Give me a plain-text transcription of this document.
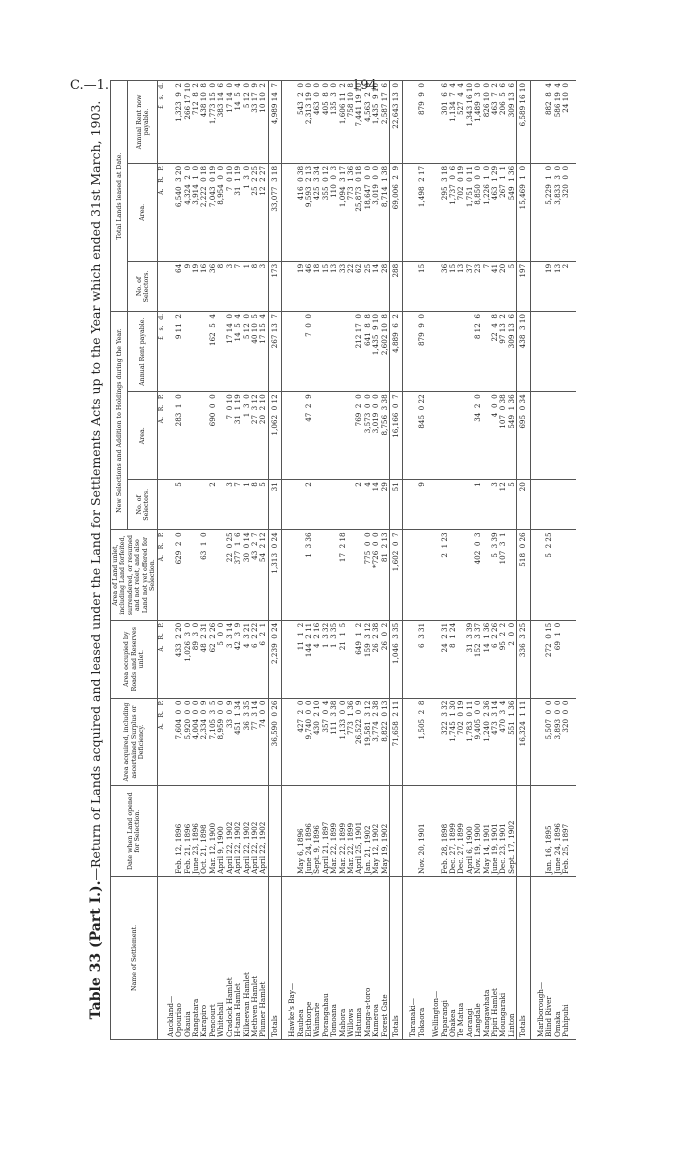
C.—1.	194
Table 33 (Part I.).—Return of Lands acquired and leased under the Land for Settlements Acts up to the Year which ended 31st March, 1903.
Name of Settlement.	Date when Land opened for Selection.	Area acquired, including ascertained Surplus or Deficiency.	Area occupied by Roads and Reserves unlet.	Area of Land unlet, including Land forfeited, surrendered, or resumed and not relet, and also Land not yet offered for Selection.	New Selections and Addition to Holdings during the Year.			Total Lands leased at Date.		
					No. of Selectors.	Area.	Annual Rent payable.	No. of Selectors.	Area.	Annual Rent now payable.
		A.   R.   P.	A.   R.   P.	A.   R.   P.		A.   R.   P.	£   s.   d.		A.   R.   P.	£   s.   d.
Auckland—										
Opouriao	Feb. 12, 1896	7,604  0  0	433  2 20	629  2  0	5	283  1  0	9 11  2	64	6,540  3 20	1,323  9  2
Okauia	Feb. 21, 1896	5,920  0  0	1,026  3  0					9	4,324  2  0	266 17 10
Rangatara	June 23, 1896	4,004  0  0	89  3  0					19	3,914  1  0	712  8  2
Karapiro	Oct. 21, 1898	2,334  0  9	48  2 31	63  1  0				16	2,222  0 18	438 10  8
Pencourt	Mar. 12, 1900	7,105  3  5	62  2 26		2	690  0  0	162  5  4	36	7,043  0 19	1,773 15  0
Whitehall	April 9, 1900	8,959  0  0	5  0  0					8	8,954  0  0	383 14  6
Cradock Hamlet	April 22, 1902	33  0  9	3  3 14	22  0 25	3	7  0 10	17 14  0	3	7  0 10	17 14  0
H-tana Hamlet	April 22, 1902	451  1 34	42  3  9	377  1  6	7	31  1 19	14  5  4	7	31  1 19	14  5  4
Kilkeevan Hamlet	April 22, 1902	36  3 35	4  3 21	30  0 14	1	1  3  0	5 12  0	1	1  3  0	5 12  0
Methven Hamlet	April 22, 1902	77  3 14	6  2 22	43  2  7	8	27  3 12	40 10  5	8	25  2 25	33 17  9
Plumer Hamlet	April 22, 1902	74  0  0	6  2  1	54  2 12	5	20  2 10	17 15  4	3	12  2 27	10 10  2
Totals		36,590  0 26	2,239  0 24	1,313  0 24	31	1,062  0 12	267 13  7	173	33,077  3 18	4,989 14  7

Hawke's Bay—										
Rauhea	May 6, 1896	427  2  0	11  1  2					19	416  0 38	543  2  0
Elsthorpe	June 24, 1896	9,740  0  0	144  2 11	1  3 36	2	47  2  9	7  0  0	46	9,593  2 13	2,313 19  0
Waimarie	Sept. 9, 1896	430  2 10	4  2 16					18	425  3 34	463  0  0
Porangahau	April 21, 1897	357  0  4	1  3 32					15	355  0 12	405  8  0
Tomoana	Mar. 22, 1899	111  3 38	1  3 35					13	110  0  3	135  3  0
Mahora	Mar. 22, 1899	1,133  0  0	21  1  5	17  2 18				33	1,094  3 17	1,606 11  2
Willows	Mar. 22, 1899	773  1 36						22	773  1 36	758 10  8
Hatuma	April 25, 1901	26,522  0  9	649  1  2		2	769  2  0	212 17  0	62	25,873  0 18	7,441 19 10
Manga-a-toro	Jan. 21, 1902	19,581  3 12	159  3 12	775  0  0	4	3,573  0  0	641  8  8	25	18,647  0  0	4,563  2  6
Kumeroa	May 12, 1902	3,774  2 38	26  2 38	*726  0  0	14	3,019  0  0	1,435  9 10	14	3,019  0  0	1,435  9 10
Forest Gate	May 19, 1902	8,822  0 13	26  0  2	81  2 13	29	8,756  3 38	2,602 10  8	28	8,714  1 38	2,587 17  6
Totals		71,658  2 11	1,046  3 35	1,602  0  7	51	16,166  0  7	4,889  6  2	288	69,006  2  9	22,643 13  0

Taranaki—										
Tokaora	Nov. 20, 1901	1,505  2  8	6  3 31		9	845  0 22	879  9  0	15	1,498  2 17	879  9  0

Wellington—										
Paparangi	Feb. 28, 1898	322  3 32	24  2 31	2  1 23				36	295  3 18	301  6  6
Ohakea	Dec. 27, 1899	1,745  1 30	8  1 24					15	1,737  0  6	1,134  7  4
Te Matua	Dec. 27, 1899	702  0 19						13	702  0 19	527  4  4
Aorangi	April 6, 1900	1,783  0 11	31  3 39					37	1,751  0 11	1,343 16 10
Langdale	Nov. 19, 1900	9,405  0  0	152  3 37	402  0  3	1	34  2  0	8 12  6	23	8,850  0  0	1,489  3  0
Mangawhata	May 14, 1901	1,240  2 36	14  1 36					7	1,226  1  0	826 10  0
Pipiri Hamlet	June 19, 1901	473  3 14	6  2 26	5  3 39	3	4  0  0	22  4  8	41	463  1 29	463  7  2
Moungaraki	Dec. 23, 1901	470  3  4	95  2  2	107  3  1	12	107  0 38	97 13  2	20	267  1  1	206  5  6
Linton	Sept. 17, 1902	551  1 36	2  0  0		5	549  1 36	309 13  6	5	549  1 36	309 13  6
Totals		16,324  1 11	336  3 25	518  0 26	20	695  0 34	438  3 10	197	15,469  1  0	6,589 16 10

Marlborough—										
Blind River	Jan. 16, 1895	5,507  0  0	272  0 15	5  2 25				19	5,229  1  0	882  8  4
Omaka	June 24, 1896	3,893  0  0	69  1  0					13	3,833  3  0	586 19  4
Puhipuhi	Feb. 25, 1897	320  0  0						2	320  0  0	24 10  0
